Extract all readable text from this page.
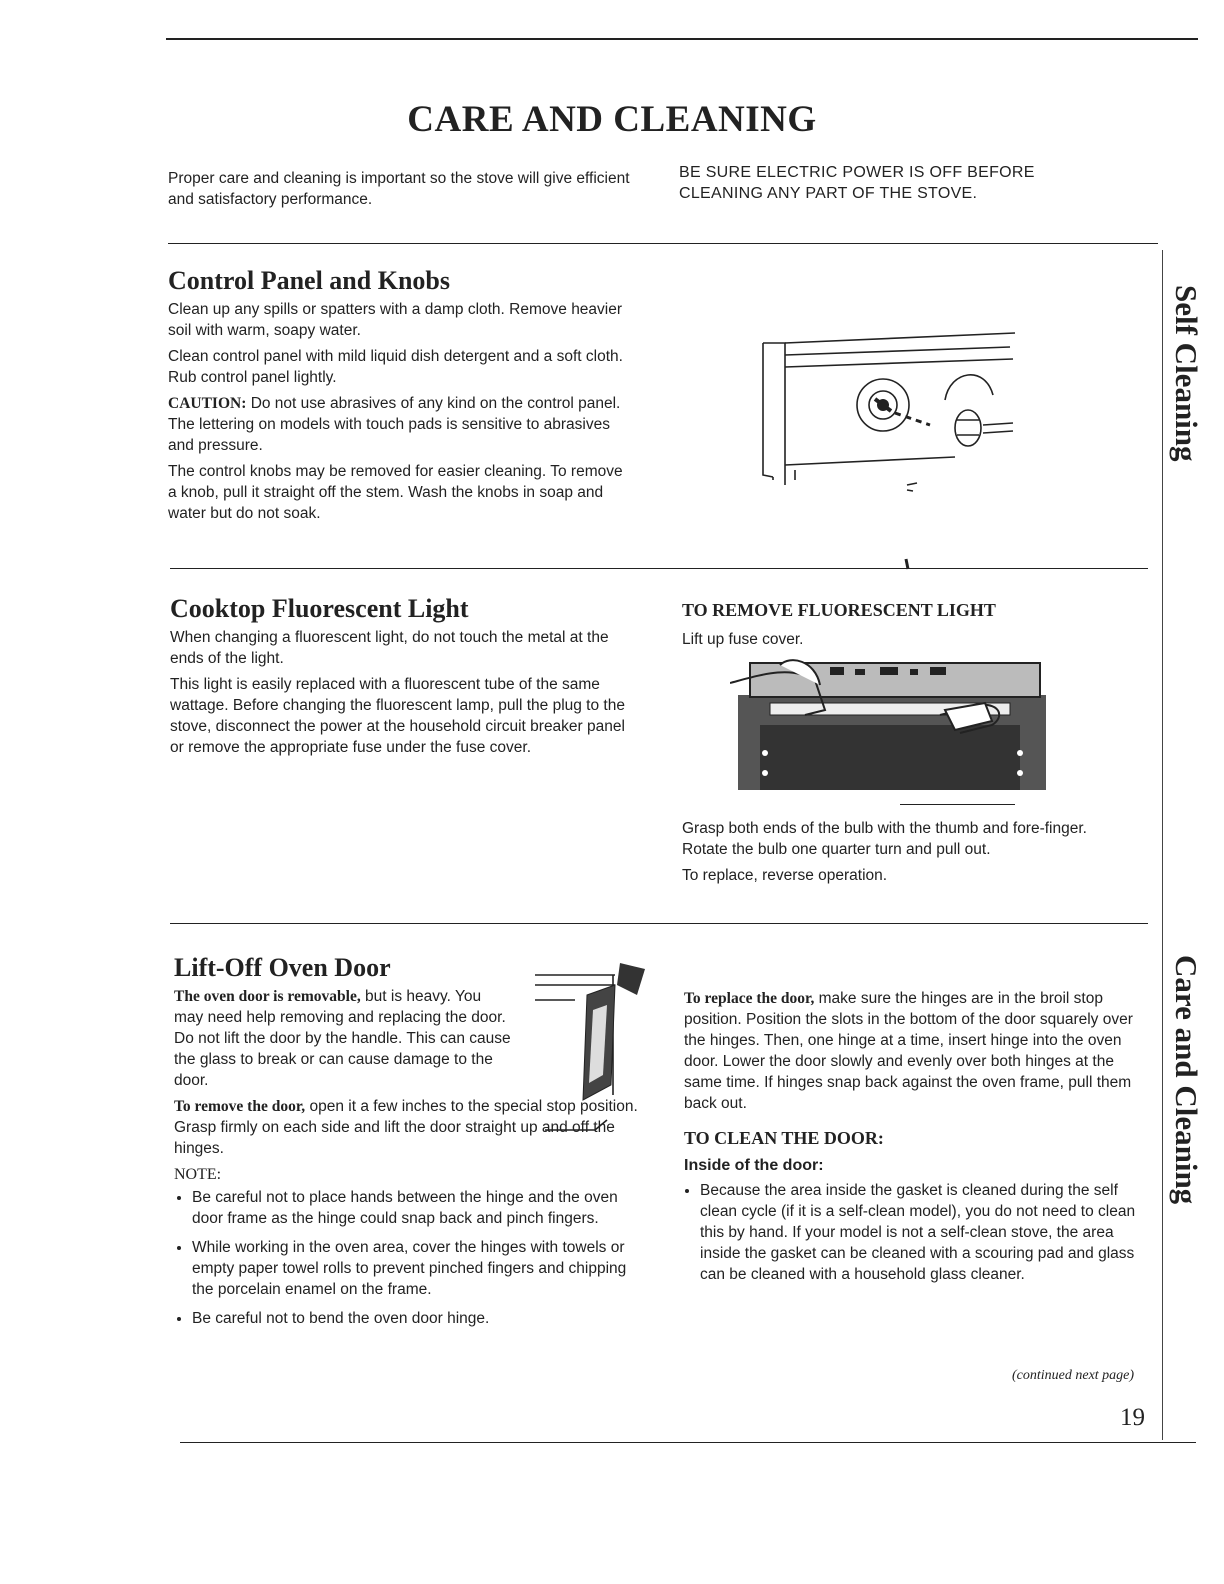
CARE AND CLEANING
Proper care and cleaning is important so the stove will give efficient and satisfactory performance.
BE SURE ELECTRIC POWER IS OFF BEFORE CLEANING ANY PART OF THE STOVE.
Control Panel and Knobs

Clean up any spills or spatters with a damp cloth. Remove heavier soil with warm, soapy water.

Clean control panel with mild liquid dish detergent and a soft cloth. Rub control panel lightly.

CAUTION: Do not use abrasives of any kind on the control panel. The lettering on models with touch pads is sensitive to abrasives and pressure.

The control knobs may be removed for easier cleaning. To remove a knob, pull it straight off the stem. Wash the knobs in soap and water but do not soak.

Cooktop Fluorescent Light

When changing a fluorescent light, do not touch the metal at the ends of the light.

This light is easily replaced with a fluorescent tube of the same wattage. Before changing the fluorescent lamp, pull the plug to the stove, disconnect the power at the household circuit breaker panel or remove the appropriate fuse under the fuse cover.

TO REMOVE FLUORESCENT LIGHT

Lift up fuse cover.

Grasp both ends of the bulb with the thumb and fore-finger. Rotate the bulb one quarter turn and pull out.

To replace, reverse operation.

Lift-Off Oven Door

The oven door is removable, but is heavy. You may need help removing and replacing the door. Do not lift the door by the handle. This can cause the glass to break or can cause damage to the door.

To remove the door, open it a few inches to the special stop position. Grasp firmly on each side and lift the door straight up and off the hinges.

NOTE:
• Be careful not to place hands between the hinge and the oven door frame as the hinge could snap back and pinch fingers.
• While working in the oven area, cover the hinges with towels or empty paper towel rolls to prevent pinched fingers and chipping the porcelain enamel on the frame.
• Be careful not to bend the oven door hinge.

To replace the door, make sure the hinges are in the broil stop position. Position the slots in the bottom of the door squarely over the hinges. Then, one hinge at a time, insert hinge into the oven door. Lower the door slowly and evenly over both hinges at the same time. If hinges snap back against the oven frame, pull them back out.

TO CLEAN THE DOOR:
Inside of the door:
• Because the area inside the gasket is cleaned during the self clean cycle (if it is a self-clean model), you do not need to clean this by hand. If your model is not a self-clean stove, the area inside the gasket can be cleaned with a scouring pad and glass can be cleaned with a household glass cleaner.
Self Cleaning
Care and Cleaning
(continued next page)
19
